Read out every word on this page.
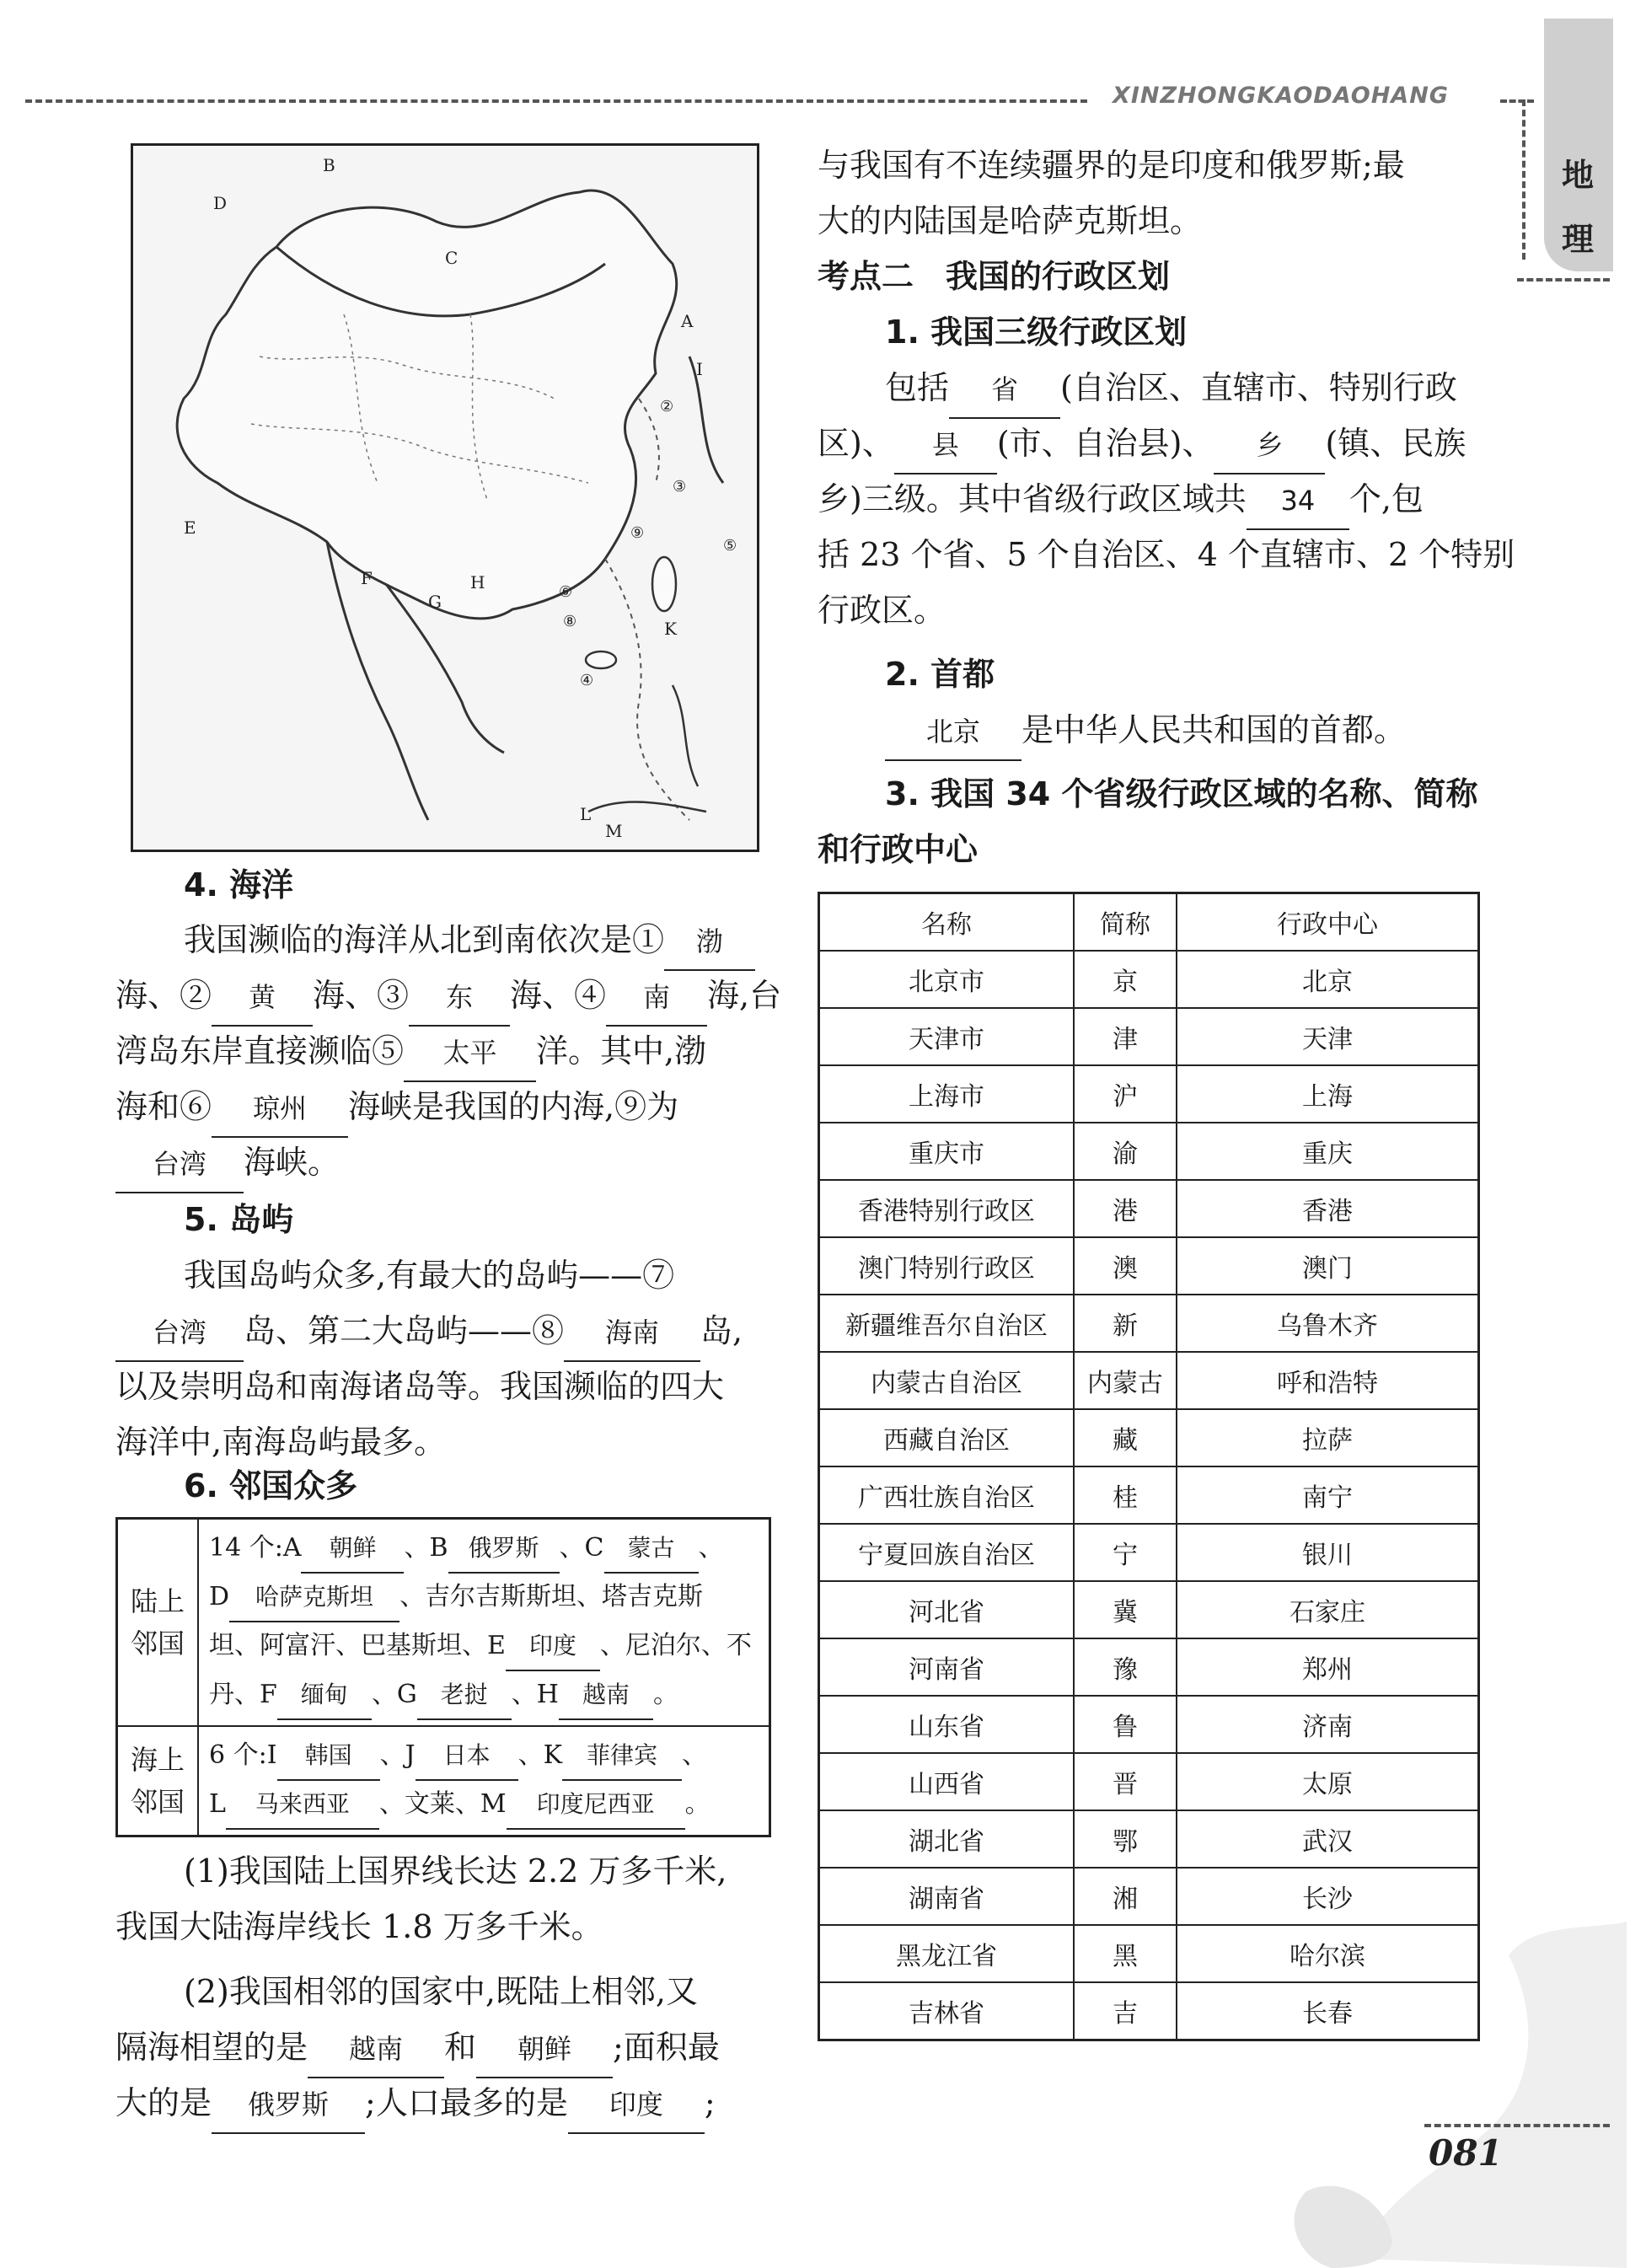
XINZHONGKAODAOHANG
地
理
B
D
C
A
I
E
F
G
H
K
L
M
②
③
⑨
⑤
⑥
⑧
④
4. 海洋
我国濒临的海洋从北到南依次是① 渤
海、② 黄 海、③ 东 海、④ 南 海,台
湾岛东岸直接濒临⑤ 太平 洋。其中,渤
海和⑥ 琼州 海峡是我国的内海,⑨为
台湾 海峡。
5. 岛屿
我国岛屿众多,有最大的岛屿——⑦
台湾 岛、第二大岛屿——⑧ 海南 岛,
以及崇明岛和南海诸岛等。我国濒临的四大
海洋中,南海岛屿最多。
6. 邻国众多
陆上邻国	14 个:A 朝鲜 、B 俄罗斯 、C 蒙古 、
D 哈萨克斯坦 、吉尔吉斯斯坦、塔吉克斯
坦、阿富汗、巴基斯坦、E 印度 、尼泊尔、不
丹、F 缅甸 、G 老挝 、H 越南 。
海上邻国	6 个:I 韩国 、J 日本 、K 菲律宾 、
L 马来西亚 、文莱、M 印度尼西亚 。
(1)我国陆上国界线长达 2.2 万多千米,
我国大陆海岸线长 1.8 万多千米。
(2)我国相邻的国家中,既陆上相邻,又
隔海相望的是 越南 和 朝鲜 ;面积最
大的是 俄罗斯 ;人口最多的是 印度 ;
与我国有不连续疆界的是印度和俄罗斯;最
大的内陆国是哈萨克斯坦。
考点二　我国的行政区划
1. 我国三级行政区划
包括 省 (自治区、直辖市、特别行政
区)、 县 (市、自治县)、 乡 (镇、民族
乡)三级。其中省级行政区域共 34 个,包
括 23 个省、5 个自治区、4 个直辖市、2 个特别
行政区。
2. 首都
北京 是中华人民共和国的首都。
3. 我国 34 个省级行政区域的名称、简称
和行政中心
名称	简称	行政中心
北京市	京	北京
天津市	津	天津
上海市	沪	上海
重庆市	渝	重庆
香港特别行政区	港	香港
澳门特别行政区	澳	澳门
新疆维吾尔自治区	新	乌鲁木齐
内蒙古自治区	内蒙古	呼和浩特
西藏自治区	藏	拉萨
广西壮族自治区	桂	南宁
宁夏回族自治区	宁	银川
河北省	冀	石家庄
河南省	豫	郑州
山东省	鲁	济南
山西省	晋	太原
湖北省	鄂	武汉
湖南省	湘	长沙
黑龙江省	黑	哈尔滨
吉林省	吉	长春
081
